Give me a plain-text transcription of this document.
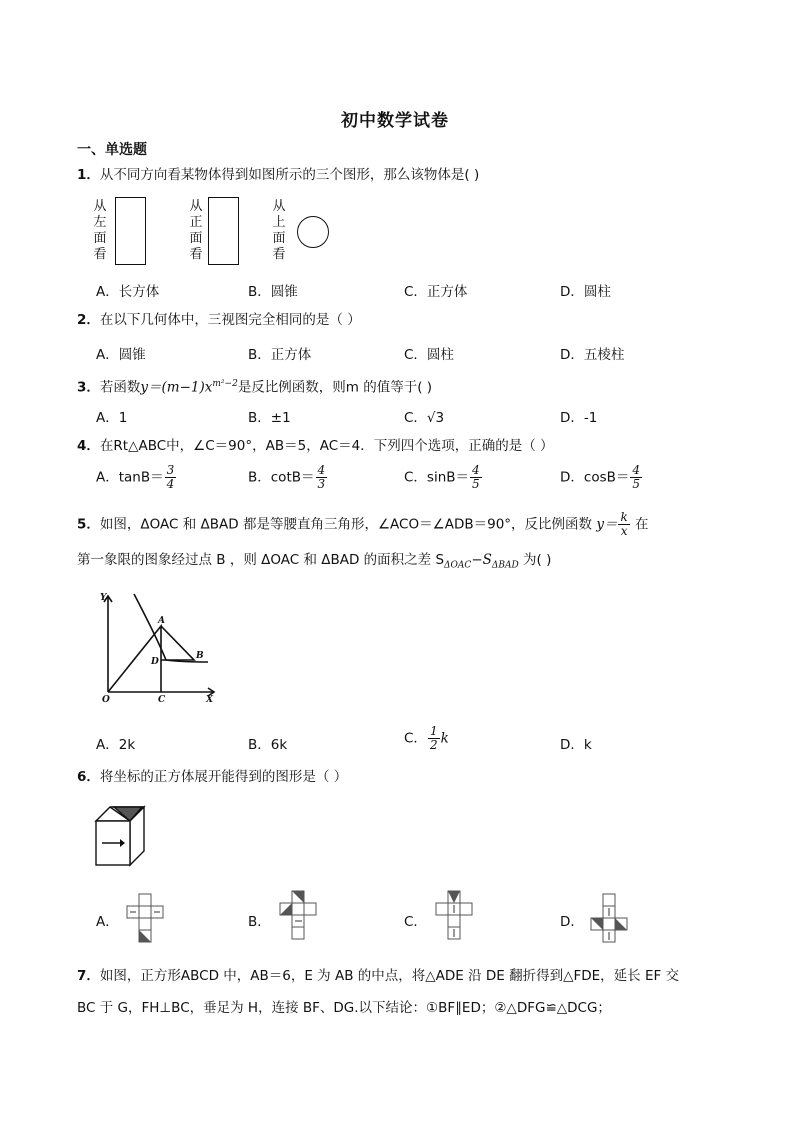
初中数学试卷
一、单选题
1．从不同方向看某物体得到如图所示的三个图形，那么该物体是( )
从左面看
从正面看
从上面看
A．长方体	B．圆锥	C．正方体	D．圆柱
2．在以下几何体中，三视图完全相同的是（ ）
A．圆锥	B．正方体	C．圆柱	D．五棱柱
3．若函数$y=(m-1)x^{m^2-2}$是反比例函数，则m 的值等于( )
A．1	B．±1	C．√3	D．-1
4．在Rt△ABC中，∠C＝90°，AB＝5，AC＝4．下列四个选项，正确的是（ ）
A．$\tan B= \frac{3}{4}$	B．$\cot B= \frac{4}{3}$	C．$\sin B= \frac{4}{5}$	D．$\cos B= \frac{4}{5}$
5．如图，ΔOAC 和 ΔBAD 都是等腰直角三角形，∠ACO＝∠ADB＝90°，反比例函数 $y= \frac{k}{x}$ 在
第一象限的图象经过点 B ，则 ΔOAC 和 ΔBAD 的面积之差 $S_{\Delta OAC}-S_{\Delta BAD}$ 为( )
Y
A
B
D
O	C	X
A．2k	B．6k	C． $\frac{1}{2}$ k	D．k
6．将坐标的正方体展开能得到的图形是（ ）
A．	B．	C．	D．
7．如图，正方形ABCD 中，AB＝6，E 为 AB 的中点，将△ADE 沿 DE 翻折得到△FDE，延长 EF 交
BC 于 G，FH⊥BC，垂足为 H，连接 BF、DG.以下结论：①BF∥ED；②△DFG≌△DCG；
